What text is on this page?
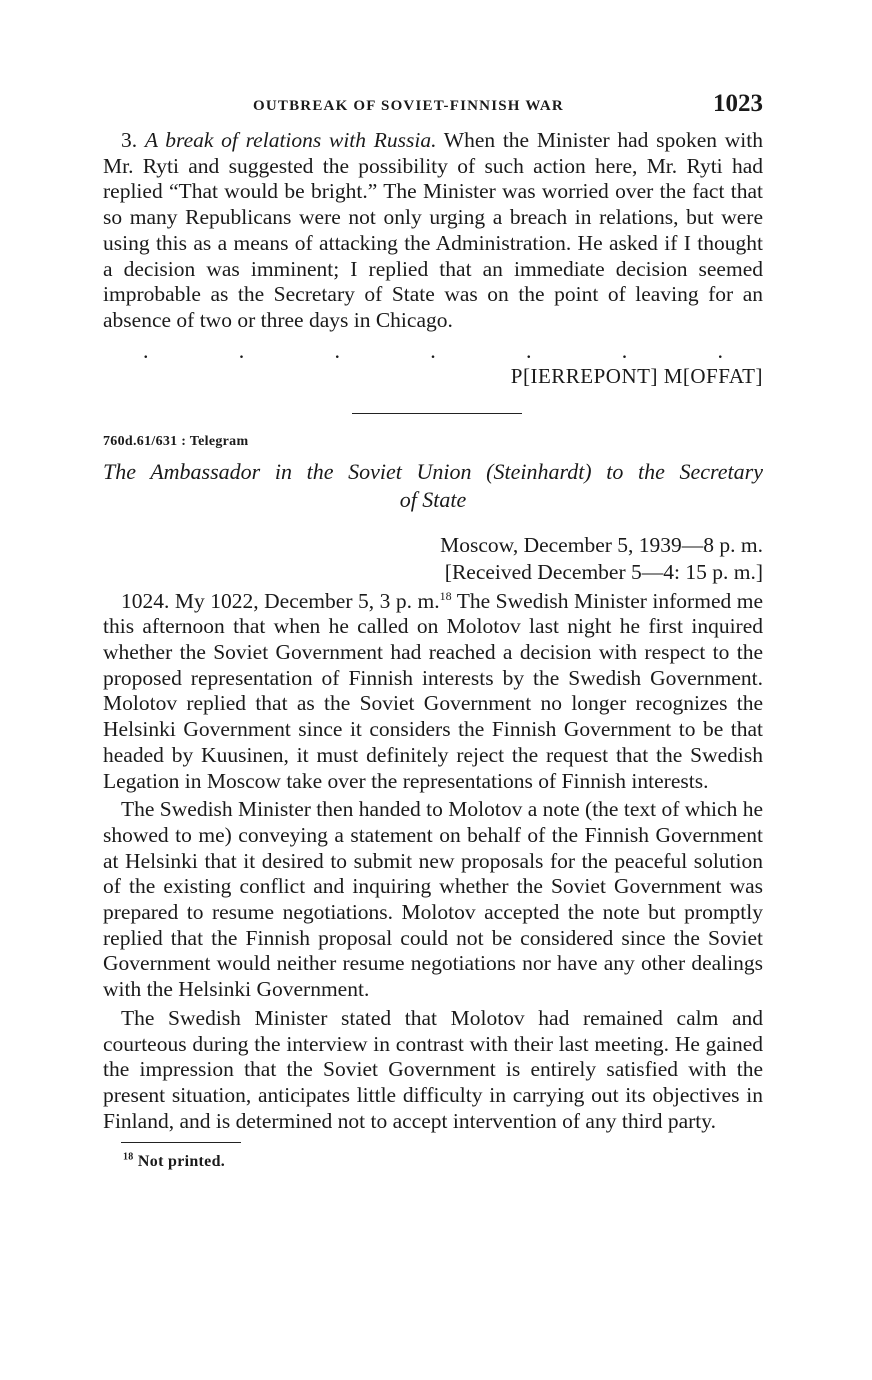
OUTBREAK OF SOVIET-FINNISH WAR	1023

3. A break of relations with Russia. When the Minister had spoken with Mr. Ryti and suggested the possibility of such action here, Mr. Ryti had replied “That would be bright.” The Minister was worried over the fact that so many Republicans were not only urging a breach in relations, but were using this as a means of attacking the Administration. He asked if I thought a decision was imminent; I replied that an immediate decision seemed improbable as the Secretary of State was on the point of leaving for an absence of two or three days in Chicago.

.	.	.	.	.	.	.
P[IERREPONT] M[OFFAT]
760d.61/631 : Telegram
The Ambassador in the Soviet Union (Steinhardt) to the Secretary
of State
Moscow, December 5, 1939—8 p. m.
[Received December 5—4: 15 p. m.]

1024. My 1022, December 5, 3 p. m.$^{18}$ The Swedish Minister informed me this afternoon that when he called on Molotov last night he first inquired whether the Soviet Government had reached a decision with respect to the proposed representation of Finnish interests by the Swedish Government. Molotov replied that as the Soviet Government no longer recognizes the Helsinki Government since it considers the Finnish Government to be that headed by Kuusinen, it must definitely reject the request that the Swedish Legation in Moscow take over the representations of Finnish interests.

The Swedish Minister then handed to Molotov a note (the text of which he showed to me) conveying a statement on behalf of the Finnish Government at Helsinki that it desired to submit new proposals for the peaceful solution of the existing conflict and inquiring whether the Soviet Government was prepared to resume negotiations. Molotov accepted the note but promptly replied that the Finnish proposal could not be considered since the Soviet Government would neither resume negotiations nor have any other dealings with the Helsinki Government.

The Swedish Minister stated that Molotov had remained calm and courteous during the interview in contrast with their last meeting. He gained the impression that the Soviet Government is entirely satisfied with the present situation, anticipates little difficulty in carrying out its objectives in Finland, and is determined not to accept intervention of any third party.

$^{18}$ Not printed.
